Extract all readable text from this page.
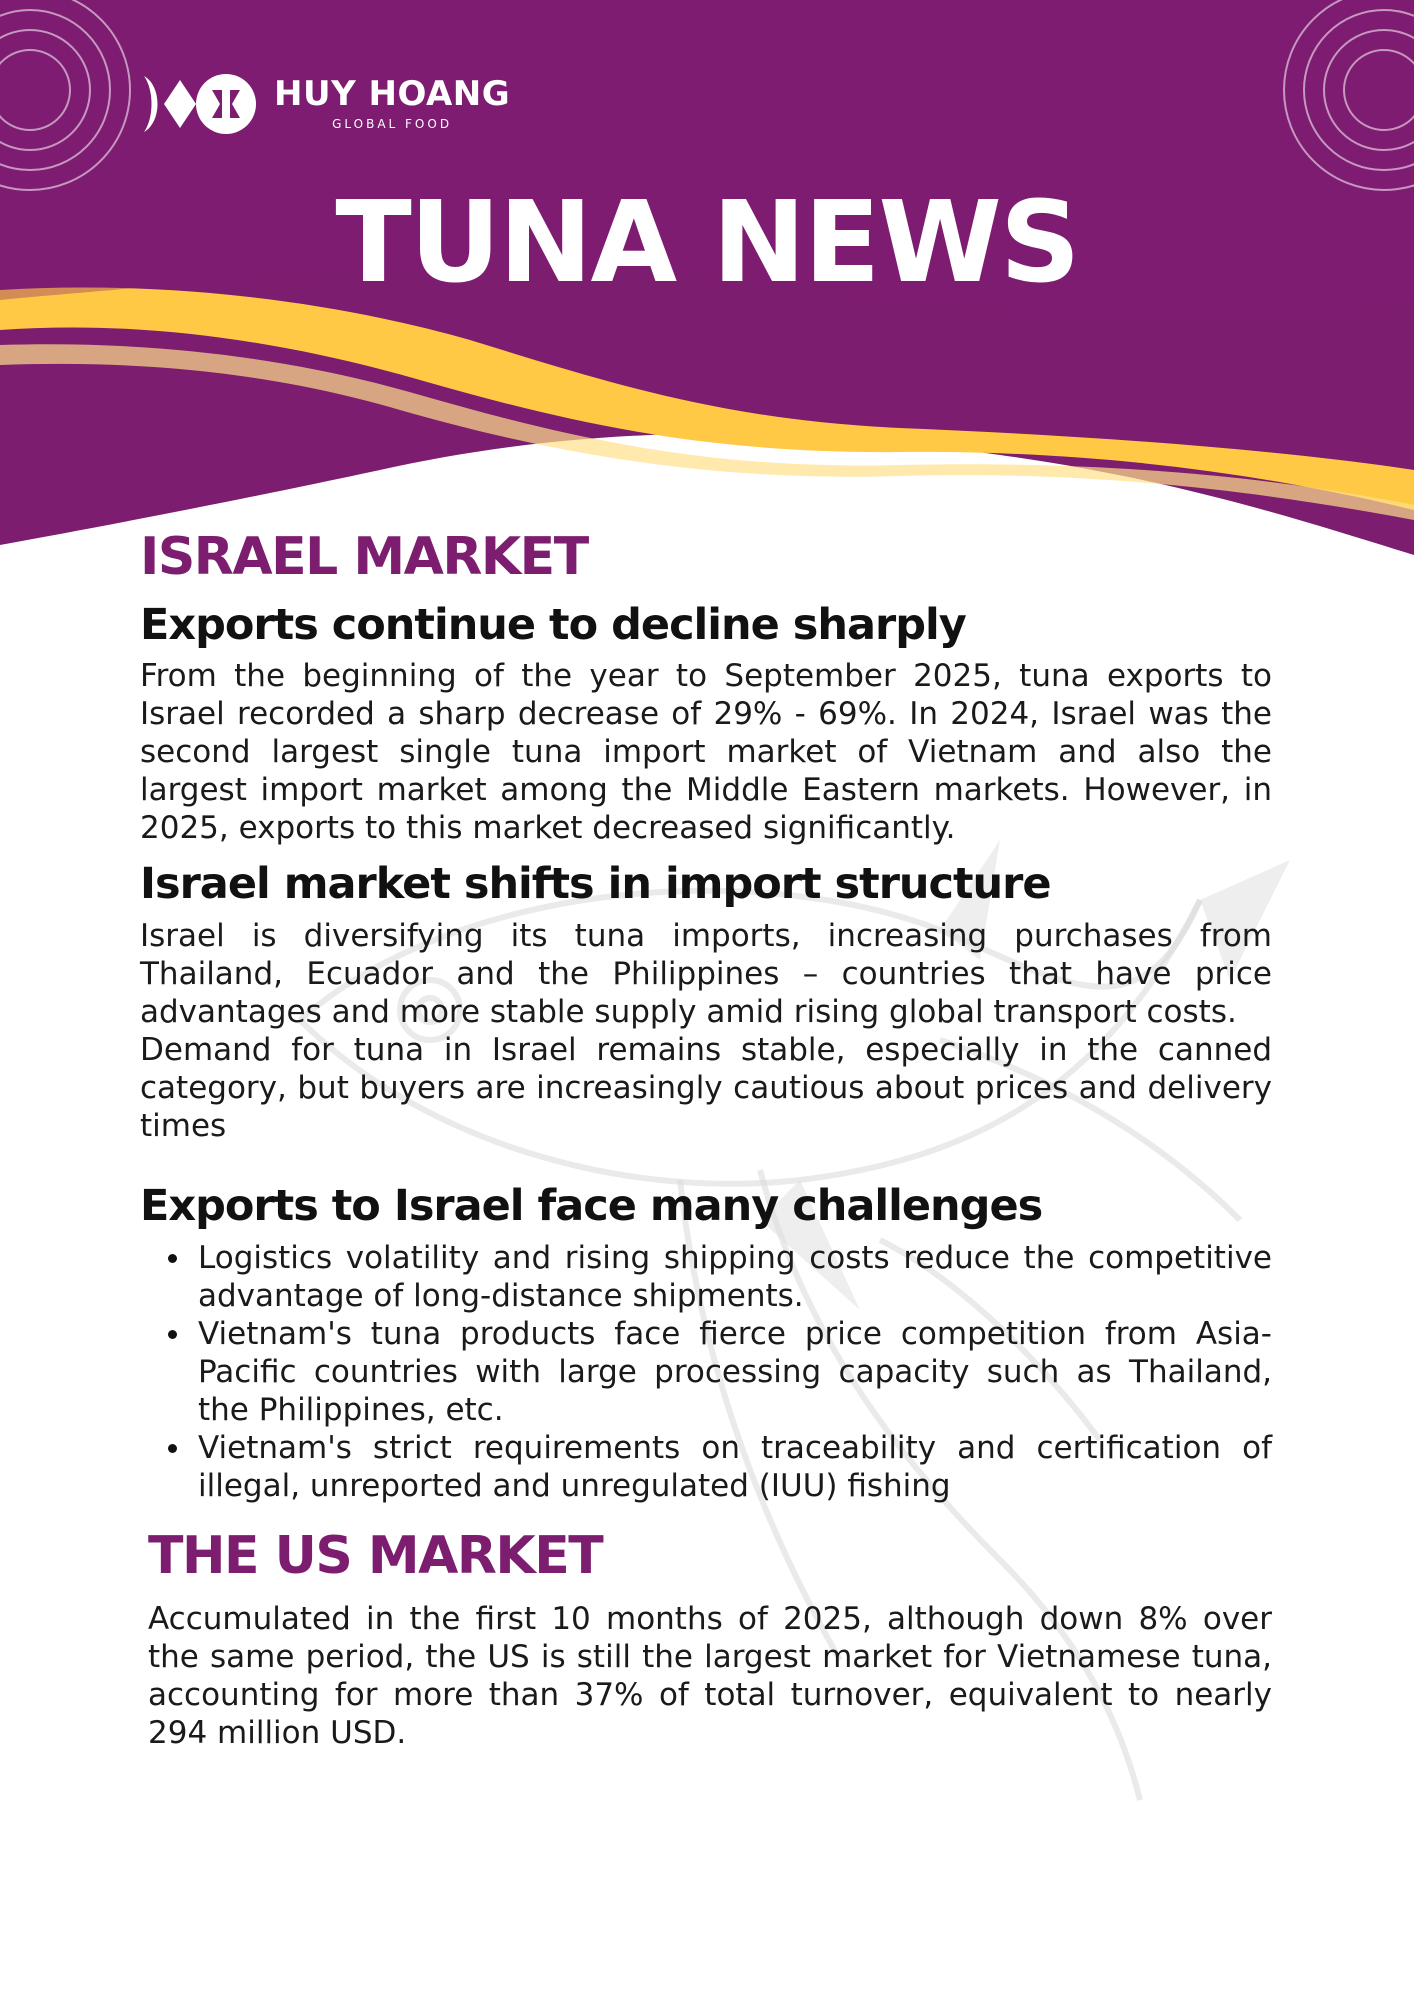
HUY HOANG
GLOBAL FOOD
TUNA NEWS
ISRAEL MARKET
Exports continue to decline sharply

From the beginning of the year to September 2025, tuna exports to Israel recorded a sharp decrease of 29% - 69%. In 2024, Israel was the second largest single tuna import market of Vietnam and also the largest import market among the Middle Eastern markets. However, in 2025, exports to this market decreased significantly.

Israel market shifts in import structure

Israel is diversifying its tuna imports, increasing purchases from Thailand, Ecuador and the Philippines – countries that have price advantages and more stable supply amid rising global transport costs.

Demand for tuna in Israel remains stable, especially in the canned category, but buyers are increasingly cautious about prices and delivery times

Exports to Israel face many challenges
Logistics volatility and rising shipping costs reduce the competitive advantage of long-distance shipments.
Vietnam's tuna products face fierce price competition from Asia-Pacific countries with large processing capacity such as Thailand, the Philippines, etc.
Vietnam's strict requirements on traceability and certification of illegal, unreported and unregulated (IUU) fishing
THE US MARKET

Accumulated in the first 10 months of 2025, although down 8% over the same period, the US is still the largest market for Vietnamese tuna, accounting for more than 37% of total turnover, equivalent to nearly 294 million USD.
